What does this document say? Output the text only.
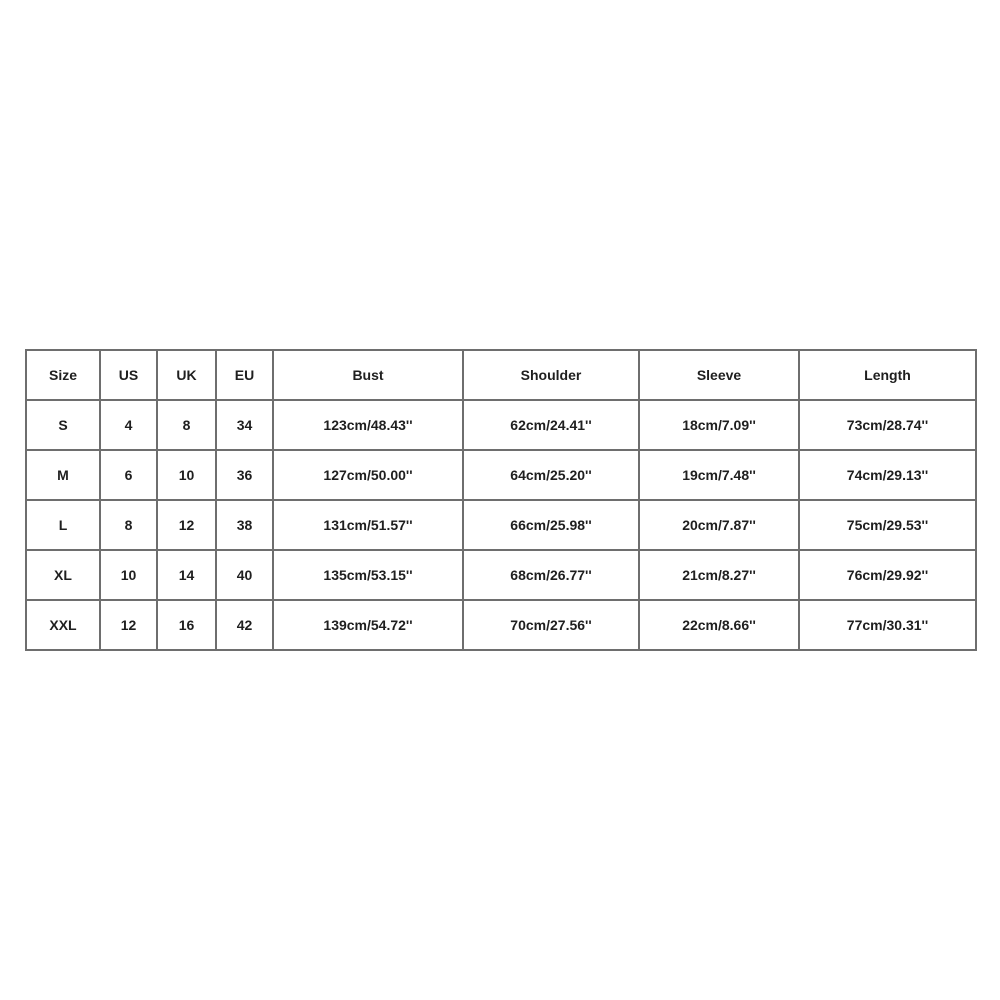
Size	US	UK	EU	Bust	Shoulder	Sleeve	Length
S	4	8	34	123cm/48.43''	62cm/24.41''	18cm/7.09''	73cm/28.74''
M	6	10	36	127cm/50.00''	64cm/25.20''	19cm/7.48''	74cm/29.13''
L	8	12	38	131cm/51.57''	66cm/25.98''	20cm/7.87''	75cm/29.53''
XL	10	14	40	135cm/53.15''	68cm/26.77''	21cm/8.27''	76cm/29.92''
XXL	12	16	42	139cm/54.72''	70cm/27.56''	22cm/8.66''	77cm/30.31''
